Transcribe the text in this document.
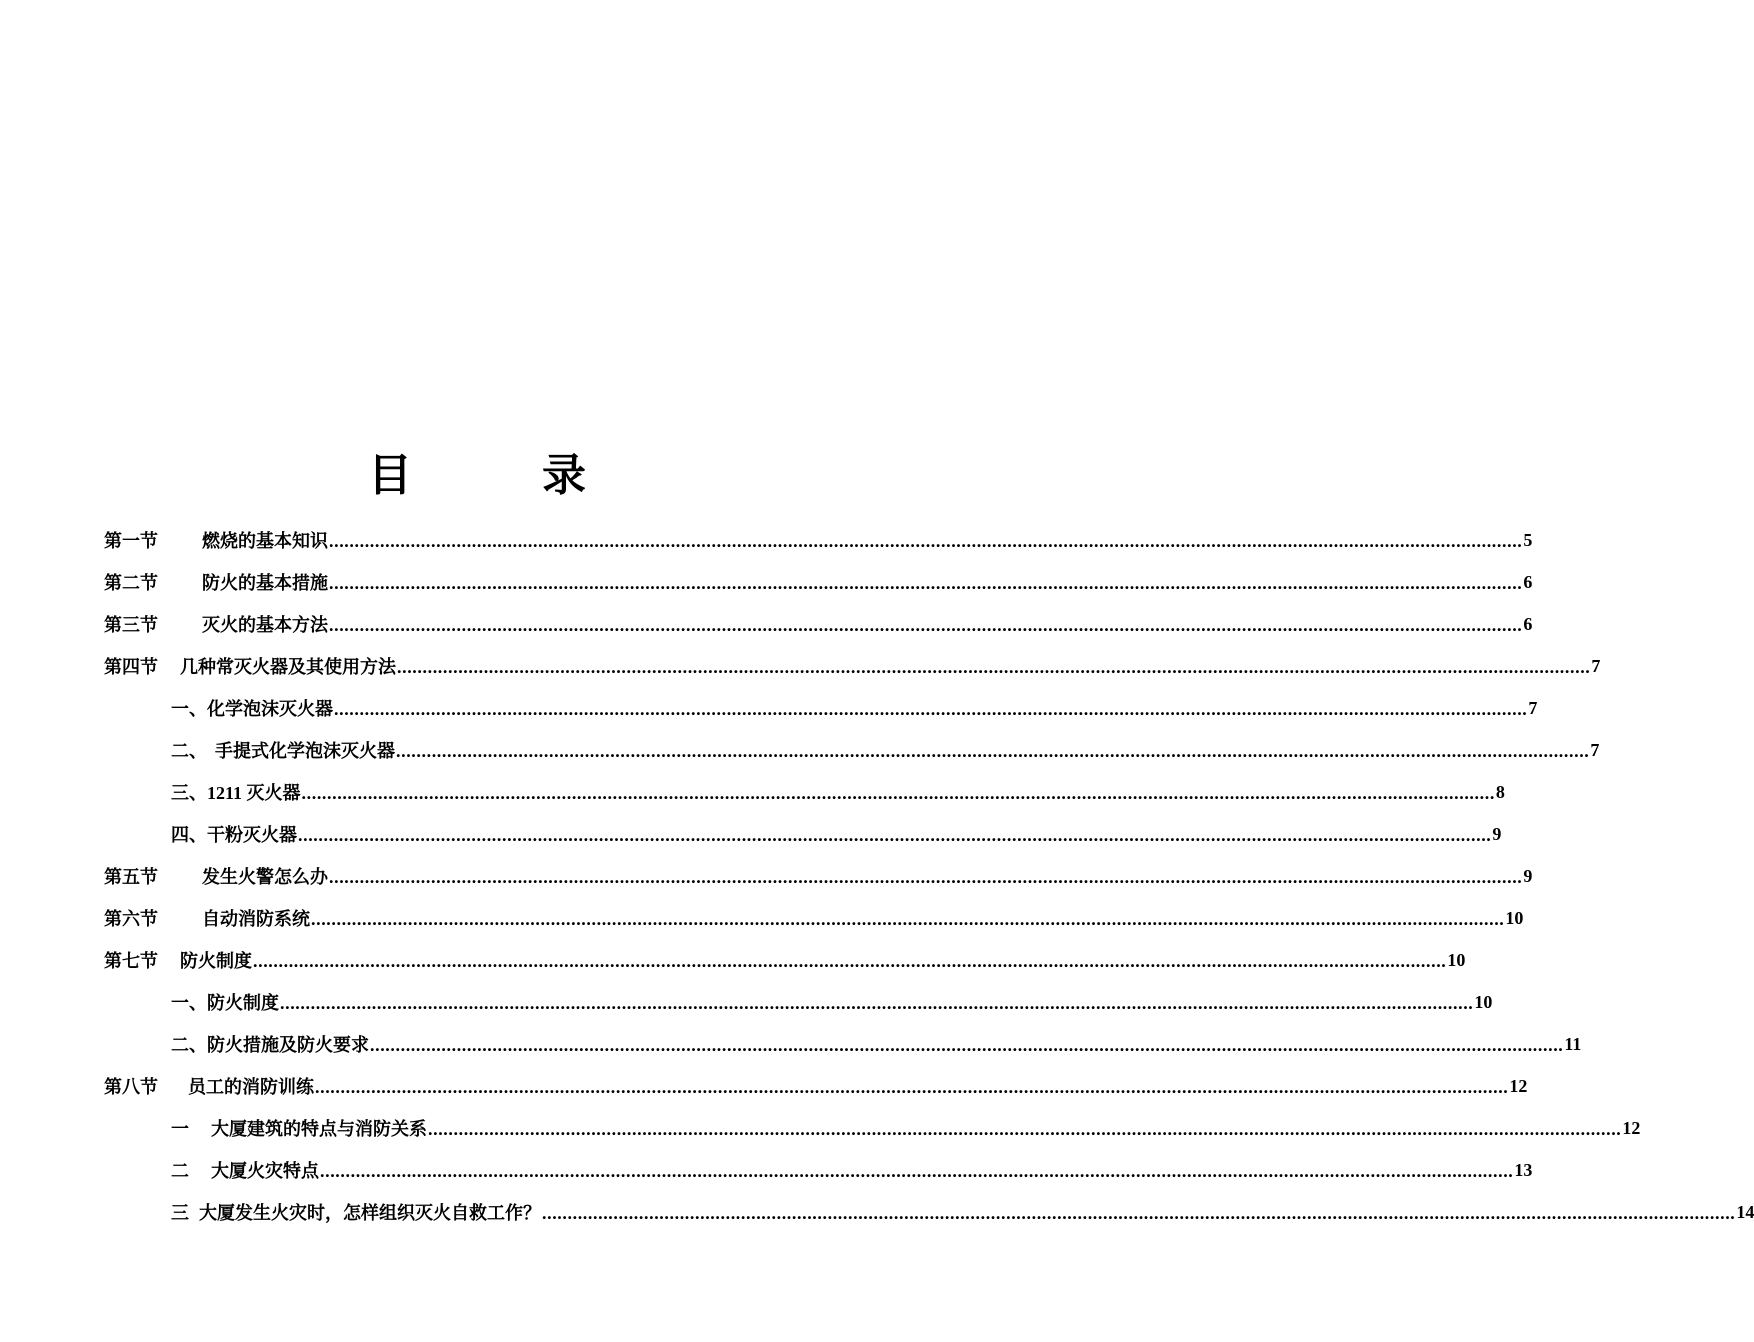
目	录
第一节 燃烧的基本知识 .......................................................................................................................................................................................................................................... 5
第二节 防火的基本措施 .......................................................................................................................................................................................................................................... 6
第三节 灭火的基本方法 .......................................................................................................................................................................................................................................... 6
第四节 几种常灭火器及其使用方法 .......................................................................................................................................................................................................................................... 7
一、化学泡沫灭火器 .......................................................................................................................................................................................................................................... 7
二、 手提式化学泡沫灭火器 .......................................................................................................................................................................................................................................... 7
三、1211 灭火器 .......................................................................................................................................................................................................................................... 8
四、干粉灭火器 .......................................................................................................................................................................................................................................... 9
第五节 发生火警怎么办 .......................................................................................................................................................................................................................................... 9
第六节 自动消防系统 .......................................................................................................................................................................................................................................... 10
第七节 防火制度 .......................................................................................................................................................................................................................................... 10
一、防火制度 .......................................................................................................................................................................................................................................... 10
二、防火措施及防火要求 .......................................................................................................................................................................................................................................... 11
第八节 员工的消防训练 .......................................................................................................................................................................................................................................... 12
一 大厦建筑的特点与消防关系 .......................................................................................................................................................................................................................................... 12
二 大厦火灾特点 .......................................................................................................................................................................................................................................... 13
三 大厦发生火灾时，怎样组织灭火自救工作？ .......................................................................................................................................................................................................................................... 14
